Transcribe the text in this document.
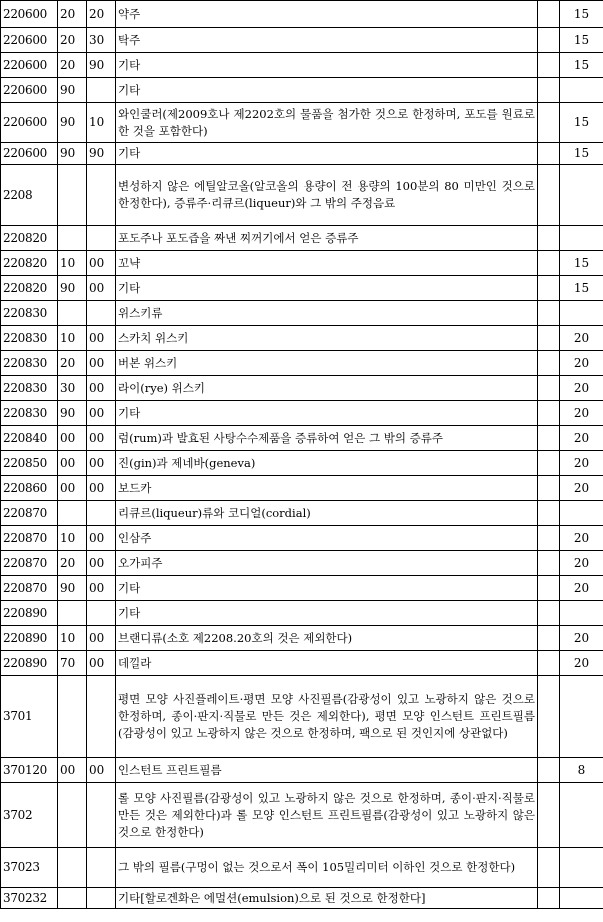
220600	20	20	약주		15
220600	20	30	탁주		15
220600	20	90	기타		15
220600	90		기타		
220600	90	10	와인쿨러(제2009호나 제2202호의 물품을 첨가한 것으로 한정하며, 포도를 원료로 한 것을 포함한다)		15
220600	90	90	기타		15
2208			변성하지 않은 에틸알코올(알코올의 용량이 전 용량의 100분의 80 미만인 것으로 한정한다), 증류주·리큐르(liqueur)와 그 밖의 주정음료		
220820			포도주나 포도즙을 짜낸 찌꺼기에서 얻은 증류주		
220820	10	00	꼬냑		15
220820	90	00	기타		15
220830			위스키류		
220830	10	00	스카치 위스키		20
220830	20	00	버본 위스키		20
220830	30	00	라이(rye) 위스키		20
220830	90	00	기타		20
220840	00	00	럼(rum)과 발효된 사탕수수제품을 증류하여 얻은 그 밖의 증류주		20
220850	00	00	진(gin)과 제네바(geneva)		20
220860	00	00	보드카		20
220870			리큐르(liqueur)류와 코디얼(cordial)		
220870	10	00	인삼주		20
220870	20	00	오가피주		20
220870	90	00	기타		20
220890			기타		
220890	10	00	브랜디류(소호 제2208.20호의 것은 제외한다)		20
220890	70	00	데낄라		20
3701			평면 모양 사진플레이트·평면 모양 사진필름(감광성이 있고 노광하지 않은 것으로 한정하며, 종이·판지·직물로 만든 것은 제외한다), 평면 모양 인스턴트 프린트필름(감광성이 있고 노광하지 않은 것으로 한정하며, 팩으로 된 것인지에 상관없다)		
370120	00	00	인스턴트 프린트필름		8
3702			롤 모양 사진필름(감광성이 있고 노광하지 않은 것으로 한정하며, 종이·판지·직물로 만든 것은 제외한다)과 롤 모양 인스턴트 프린트필름(감광성이 있고 노광하지 않은 것으로 한정한다)		
37023			그 밖의 필름(구멍이 없는 것으로서 폭이 105밀리미터 이하인 것으로 한정한다)		
370232			기타[할로겐화은 에멀션(emulsion)으로 된 것으로 한정한다]		
